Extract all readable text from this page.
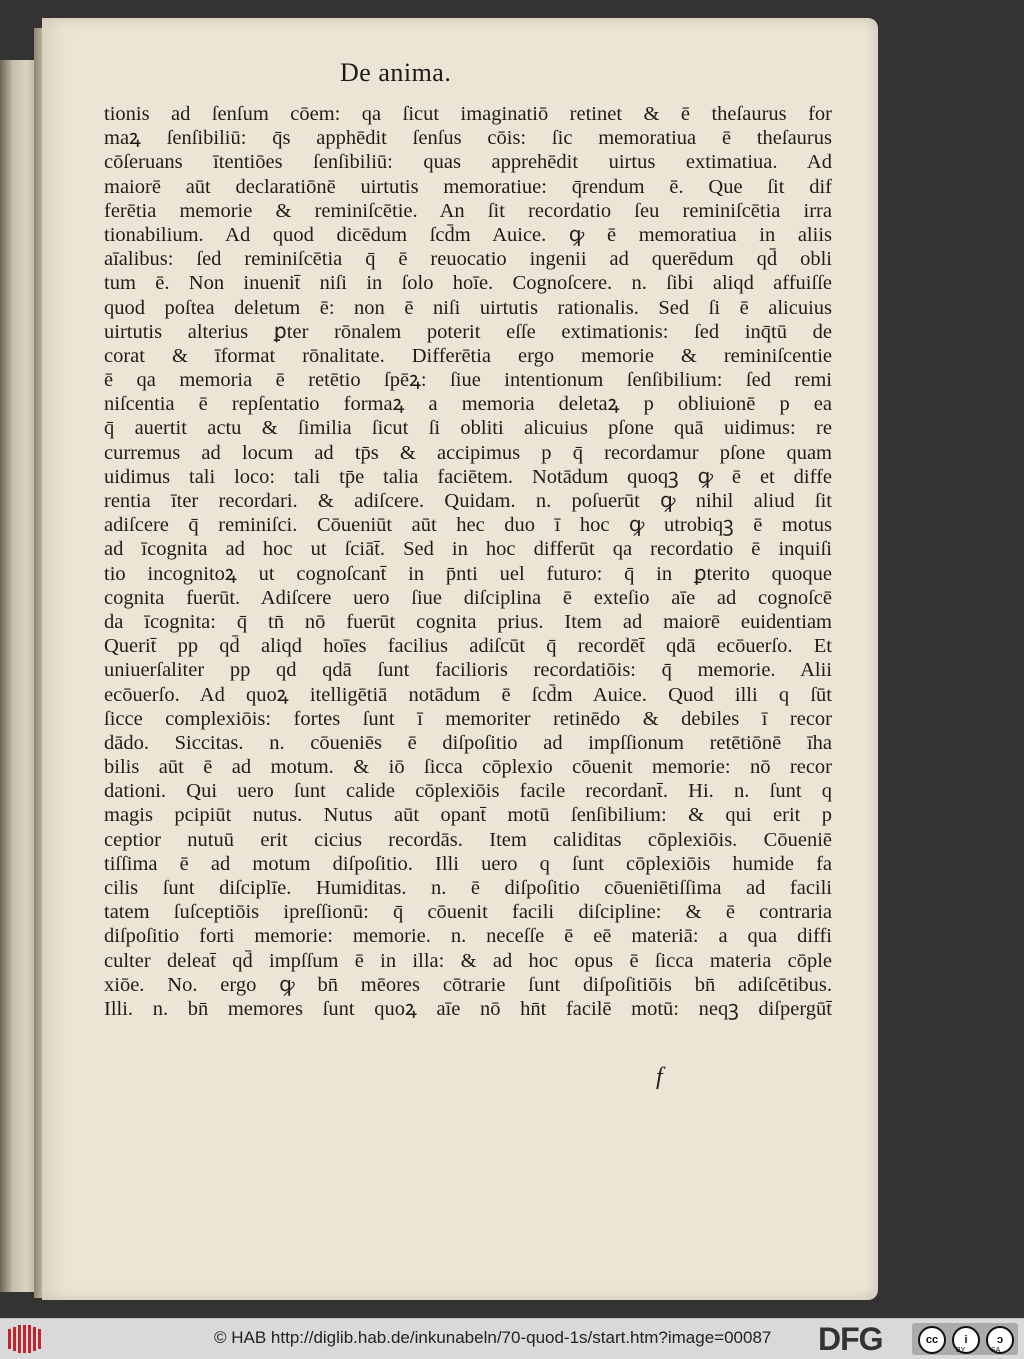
De anima.
tionis ad ſenſum cōem: qa ſicut imaginatiō retinet & ē theſaurus for
maꝝ ſenſibiliū: q̄s apphēdit ſenſus cōis: ſic memoratiua ē theſaurus
cōſeruans ītentiōes ſenſibiliū: quas apprehēdit uirtus extimatiua. Ad
maiorē aūt declaratiōnē uirtutis memoratiue: q̄rendum ē. Que ſit dif
ferētia memorie & reminiſcētie. An ſit recordatio ſeu reminiſcētia irra
tionabilium. Ad quod dicēdum ſcd̄m Auice. ꝙ ē memoratiua in aliis
aīalibus: ſed reminiſcētia q̄ ē reuocatio ingenii ad querēdum qd̄ obli
tum ē. Non inuenit̄ niſi in ſolo hoīe. Cognoſcere. n. ſibi aliqd affuiſſe
quod poſtea deletum ē: non ē niſi uirtutis rationalis. Sed ſi ē alicuius
uirtutis alterius ꝑter rōnalem poterit eſſe extimationis: ſed inq̄tū de
corat & īformat rōnalitate. Differētia ergo memorie & reminiſcentie
ē qa memoria ē retētio ſpēꝝ: ſiue intentionum ſenſibilium: ſed remi
niſcentia ē repſentatio formaꝝ a memoria deletaꝝ p obliuionē p ea
q̄ auertit actu & ſimilia ſicut ſi obliti alicuius pſone quā uidimus: re
curremus ad locum ad tp̄s & accipimus p q̄ recordamur pſone quam
uidimus tali loco: tali tp̄e talia faciētem. Notādum quoqꝫ ꝙ ē et diffe
rentia īter recordari. & adiſcere. Quidam. n. poſuerūt ꝙ nihil aliud ſit
adiſcere q̄ reminiſci. Cōueniūt aūt hec duo ī hoc ꝙ utrobiqꝫ ē motus
ad īcognita ad hoc ut ſciāt̄. Sed in hoc differūt qa recordatio ē inquiſi
tio incognitoꝝ ut cognoſcant̄ in p̄nti uel futuro: q̄ in ꝑterito quoque
cognita fuerūt. Adiſcere uero ſiue diſciplina ē exteſio aīe ad cognoſcē
da īcognita: q̄ tn̄ nō fuerūt cognita prius. Item ad maiorē euidentiam
Querit̄ pp qd̄ aliqd hoīes facilius adiſcūt q̄ recordēt̄ qdā ecōuerſo. Et
uniuerſaliter pp qd qdā ſunt facilioris recordatiōis: q̄ memorie. Alii
ecōuerſo. Ad quoꝝ itelligētiā notādum ē ſcd̄m Auice. Quod illi q ſūt
ſicce complexiōis: fortes ſunt ī memoriter retinēdo & debiles ī recor
dādo. Siccitas. n. cōueniēs ē diſpoſitio ad impſſionum retētiōnē īha
bilis aūt ē ad motum. & iō ſicca cōplexio cōuenit memorie: nō recor
dationi. Qui uero ſunt calide cōplexiōis facile recordant̄. Hi. n. ſunt q
magis pcipiūt nutus. Nutus aūt opant̄ motū ſenſibilium: & qui erit p
ceptior nutuū erit cicius recordās. Item caliditas cōplexiōis. Cōueniē
tiſſima ē ad motum diſpoſitio. Illi uero q ſunt cōplexiōis humide fa
cilis ſunt diſciplīe. Humiditas. n. ē diſpoſitio cōueniētiſſima ad facili
tatem ſuſceptiōis ipreſſionū: q̄ cōuenit facili diſcipline: & ē contraria
diſpoſitio forti memorie: memorie. n. neceſſe ē eē materiā: a qua diffi
culter deleat̄ qd̄ impſſum ē in illa: & ad hoc opus ē ſicca materia cōple
xiōe. No. ergo ꝙ bn̄ mēores cōtrarie ſunt diſpoſitiōis bn̄ adiſcētibus.
Illi. n. bn̄ memores ſunt quoꝝ aīe nō hn̄t facilē motū: neqꝫ diſpergūt̄
f
© HAB http://diglib.hab.de/inkunabeln/70-quod-1s/start.htm?image=00087 DFG	cc	i	ↄ
BY	SA
